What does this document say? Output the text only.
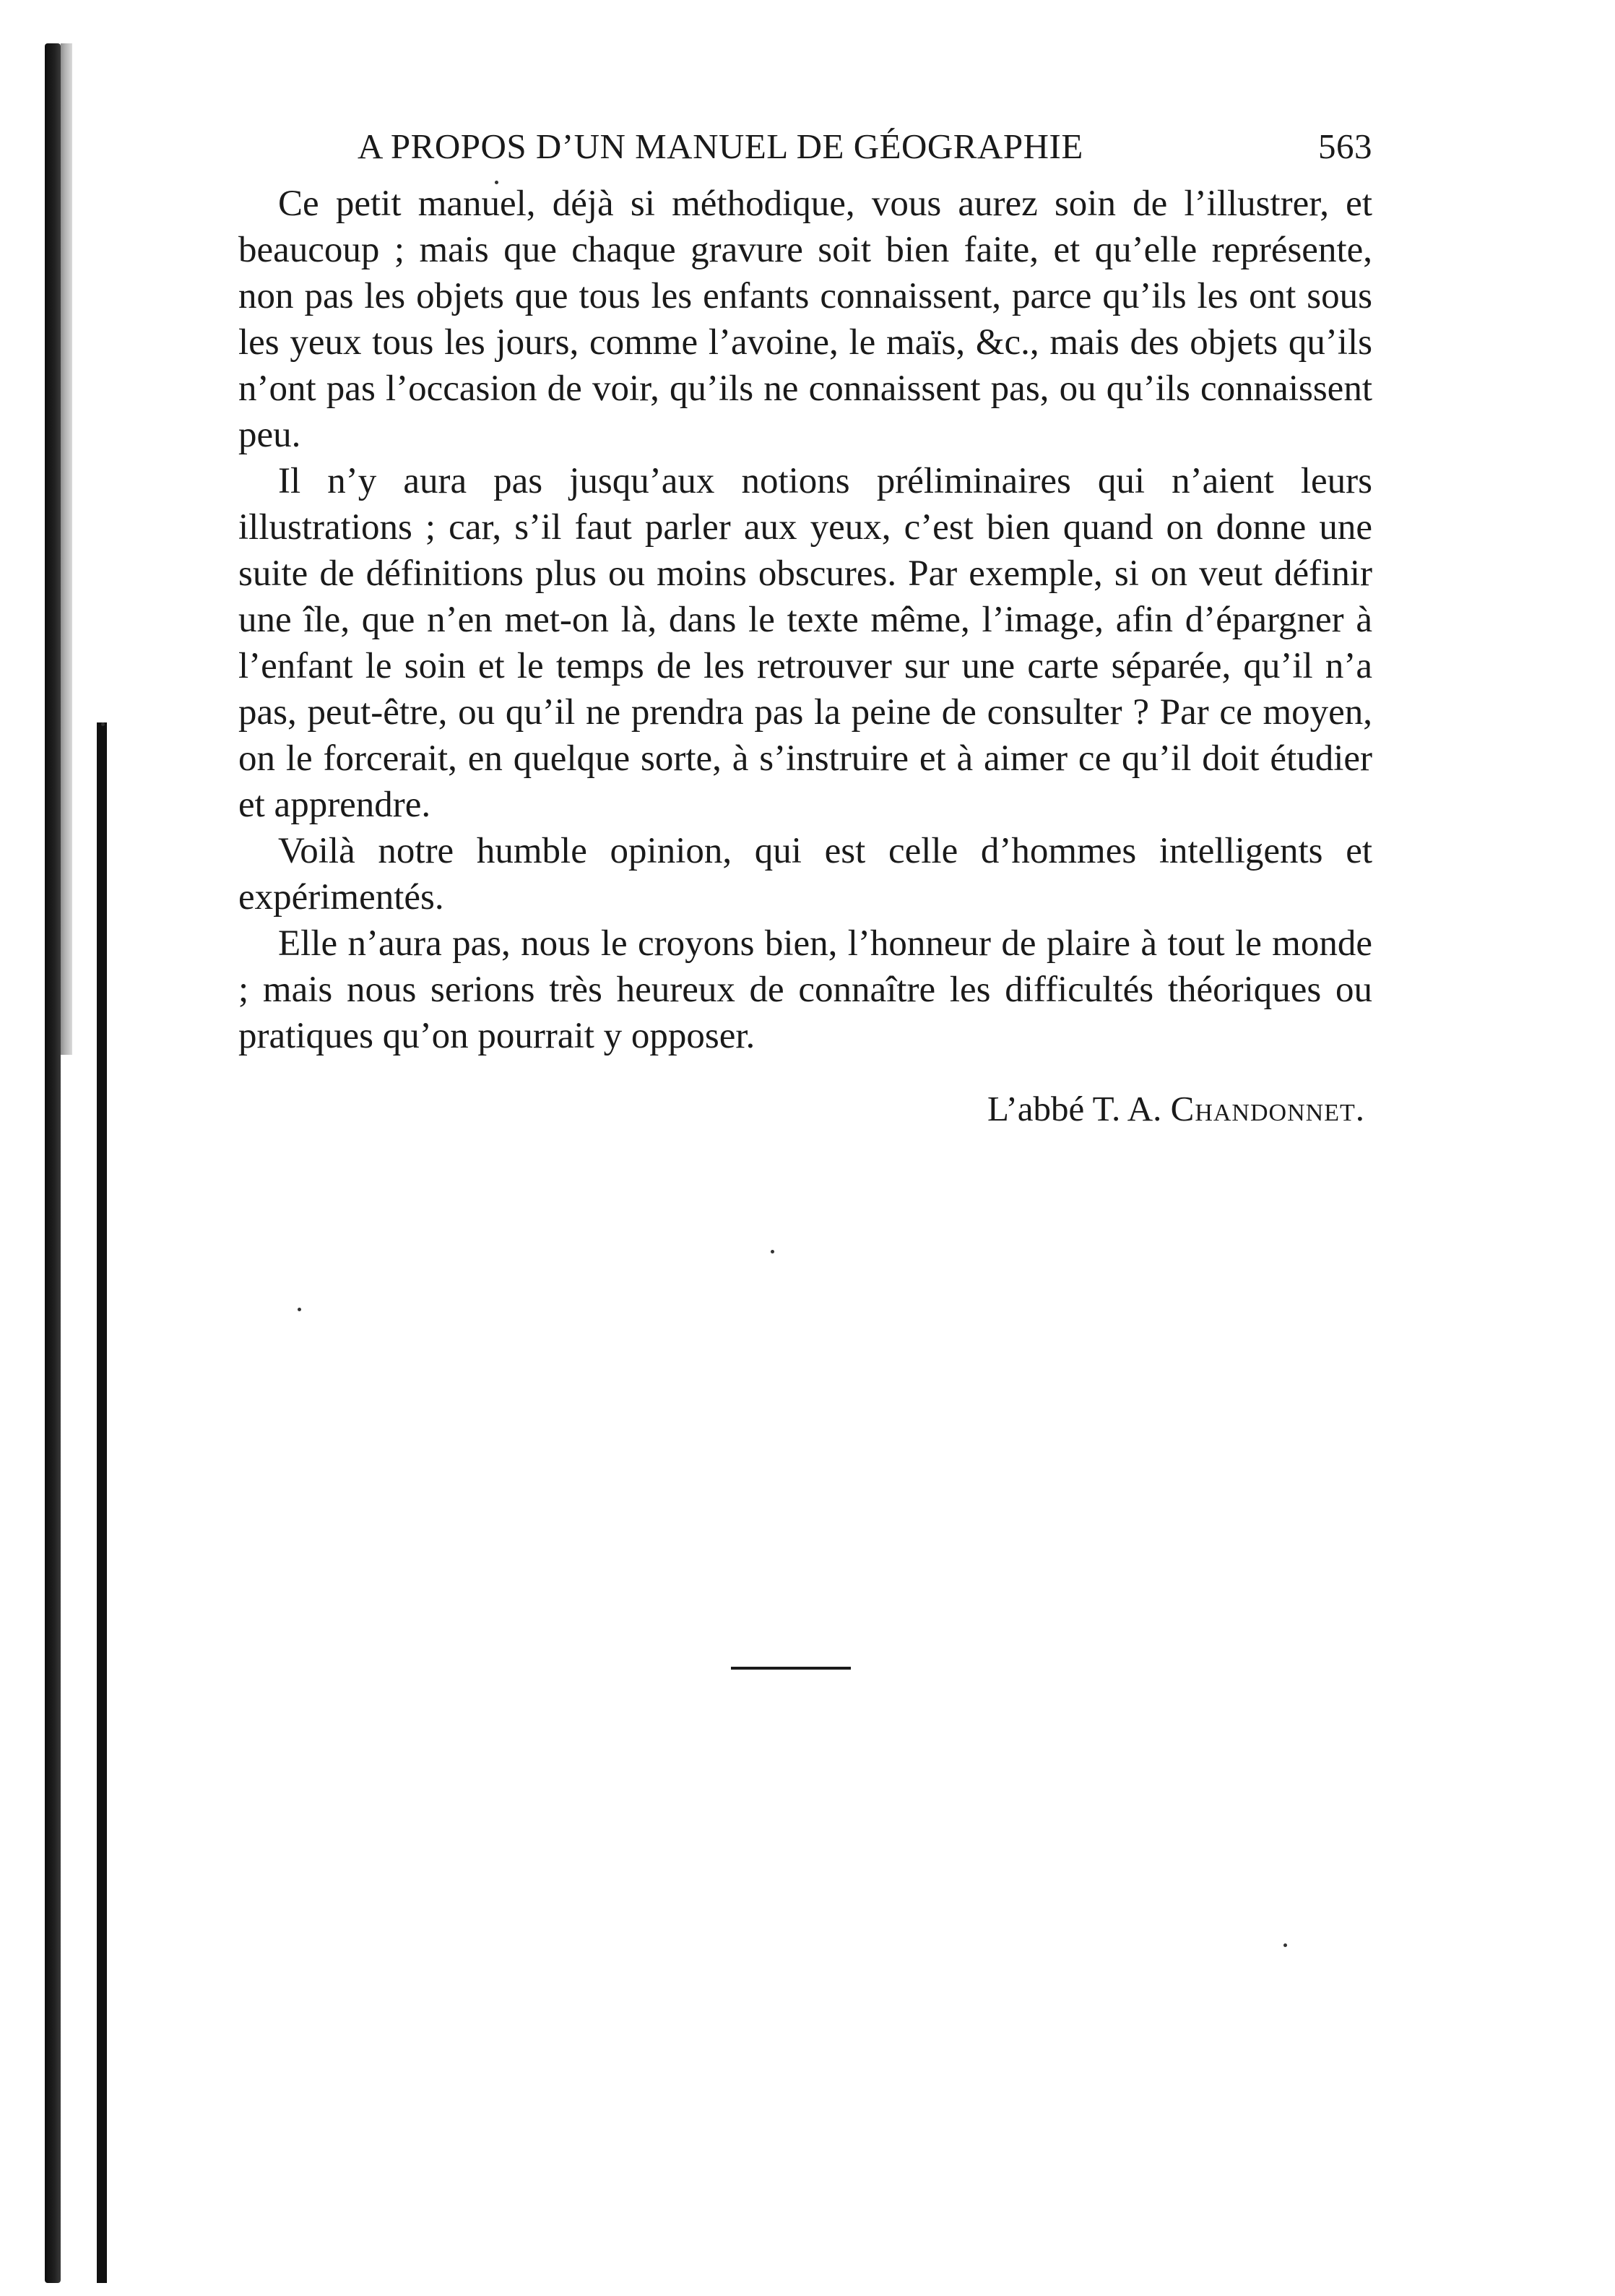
A PROPOS D’UN MANUEL DE GÉOGRAPHIE	563

Ce petit manuel, déjà si méthodique, vous aurez soin de l’illustrer, et beaucoup ; mais que chaque gravure soit bien faite, et qu’elle représente, non pas les objets que tous les enfants connaissent, parce qu’ils les ont sous les yeux tous les jours, comme l’avoine, le maïs, &c., mais des objets qu’ils n’ont pas l’occasion de voir, qu’ils ne connaissent pas, ou qu’ils connaissent peu.

Il n’y aura pas jusqu’aux notions préliminaires qui n’aient leurs illustrations ; car, s’il faut parler aux yeux, c’est bien quand on donne une suite de définitions plus ou moins obscures. Par exemple, si on veut définir une île, que n’en met-on là, dans le texte même, l’image, afin d’épargner à l’enfant le soin et le temps de les retrouver sur une carte séparée, qu’il n’a pas, peut-être, ou qu’il ne prendra pas la peine de consulter ? Par ce moyen, on le forcerait, en quelque sorte, à s’instruire et à aimer ce qu’il doit étudier et apprendre.

Voilà notre humble opinion, qui est celle d’hommes intelligents et expérimentés.

Elle n’aura pas, nous le croyons bien, l’honneur de plaire à tout le monde ; mais nous serions très heureux de connaître les difficultés théoriques ou pratiques qu’on pourrait y opposer.

L’abbé T. A. Chandonnet.
